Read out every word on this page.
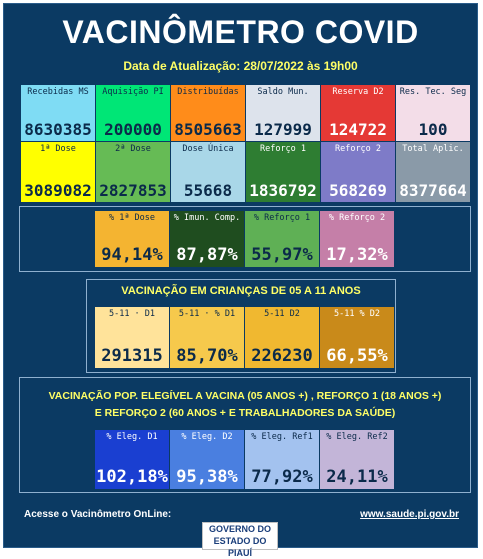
VACINÔMETRO COVID
Data de Atualização: 28/07/2022 às 19h00
Recebidas MS
8630385
Aquisição PI
200000
Distribuídas
8505663
Saldo Mun.
127999
Reserva D2
124722
Res. Tec. Seg
100
1ª Dose
3089082
2ª Dose
2827853
Dose Única
55668
Reforço 1
1836792
Reforço 2
568269
Total Aplic.
8377664
% 1ª Dose
94,14%
% Imun. Comp.
87,87%
% Reforço 1
55,97%
% Reforço 2
17,32%
VACINAÇÃO EM CRIANÇAS DE 05 A 11 ANOS
5-11 · D1
291315
5-11 · % D1
85,70%
5-11 D2
226230
5-11 % D2
66,55%
VACINAÇÃO POP. ELEGÍVEL A VACINA (05 ANOS +) , REFORÇO 1 (18 ANOS +)
E REFORÇO 2 (60 ANOS + E TRABALHADORES DA SAÚDE)
% Eleg. D1
102,18%
% Eleg. D2
95,38%
% Eleg. Ref1
77,92%
% Eleg. Ref2
24,11%
Acesse o Vacinômetro OnLine:	www.saude.pi.gov.br
GOVERNO DO
ESTADO DO PIAUÍ
